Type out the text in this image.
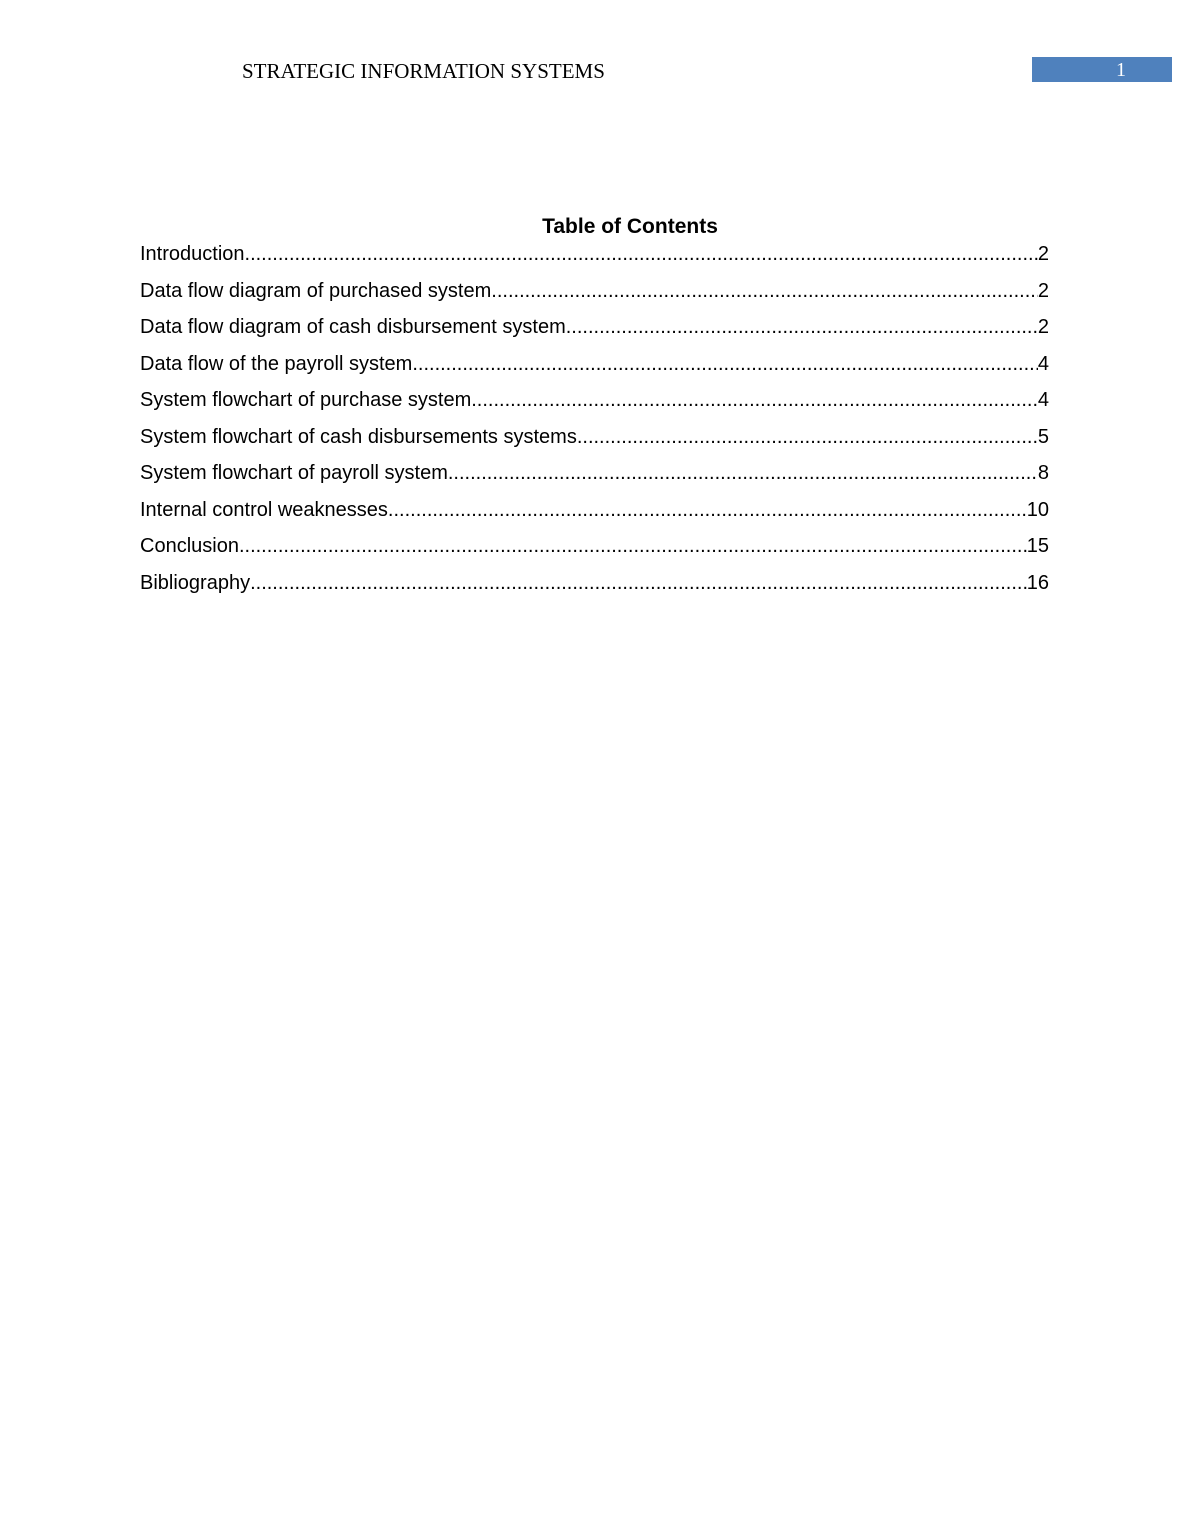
STRATEGIC INFORMATION SYSTEMS	1
Table of Contents
Introduction .....	2
Data flow diagram of purchased system .....	2
Data flow diagram of cash disbursement system .....	2
Data flow of the payroll system .....	4
System flowchart of purchase system .....	4
System flowchart of cash disbursements systems .....	5
System flowchart of payroll system .....	8
Internal control weaknesses .....	10
Conclusion .....	15
Bibliography .....	16
